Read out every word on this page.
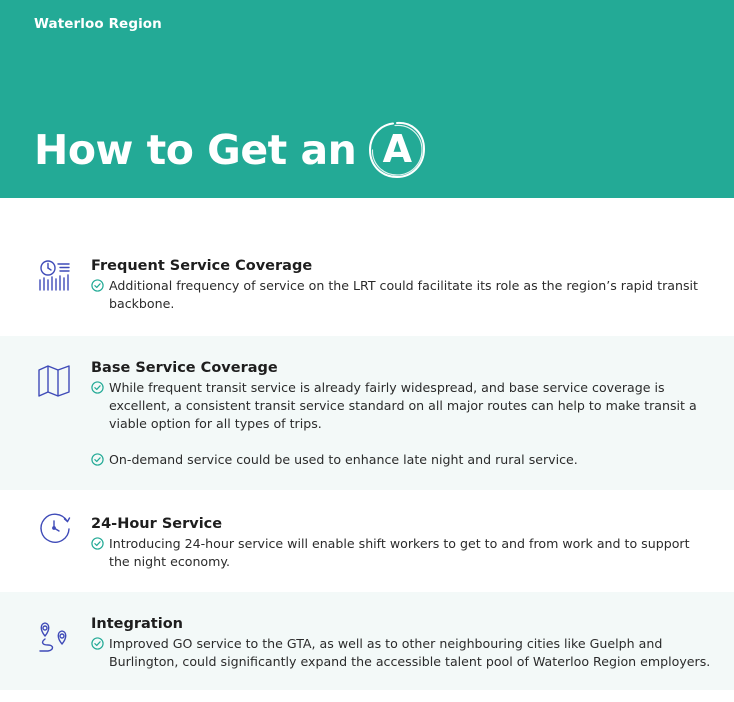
Waterloo Region
How to Get an A
Frequent Service Coverage
Additional frequency of service on the LRT could facilitate its role as the region’s rapid transit backbone.
Base Service Coverage
While frequent transit service is already fairly widespread, and base service coverage is excellent, a consistent transit service standard on all major routes can help to make transit a viable option for all types of trips.
On-demand service could be used to enhance late night and rural service.
24-Hour Service
Introducing 24-hour service will enable shift workers to get to and from work and to support the night economy.
Integration
Improved GO service to the GTA, as well as to other neighbouring cities like Guelph and Burlington, could significantly expand the accessible talent pool of Waterloo Region employers.
